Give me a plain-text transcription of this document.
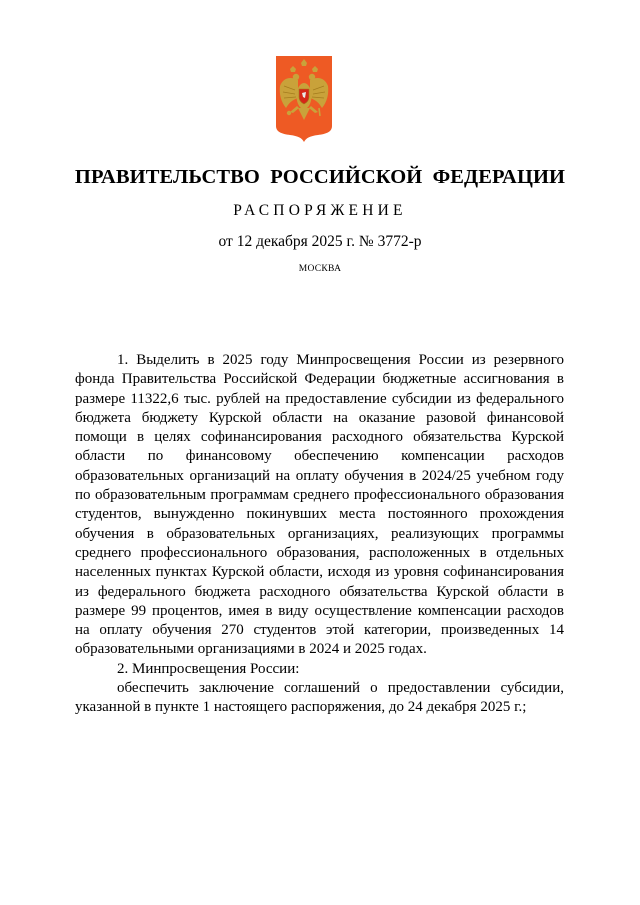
ПРАВИТЕЛЬСТВО РОССИЙСКОЙ ФЕДЕРАЦИИ
РАСПОРЯЖЕНИЕ
от 12 декабря 2025 г. № 3772-р
МОСКВА

1. Выделить в 2025 году Минпросвещения России из резервного фонда Правительства Российской Федерации бюджетные ассигнования в размере 11322,6 тыс. рублей на предоставление субсидии из федерального бюджета бюджету Курской области на оказание разовой финансовой помощи в целях софинансирования расходного обязательства Курской области по финансовому обеспечению компенсации расходов образовательных организаций на оплату обучения в 2024/25 учебном году по образовательным программам среднего профессионального образования студентов, вынужденно покинувших места постоянного прохождения обучения в образовательных организациях, реализующих программы среднего профессионального образования, расположенных в отдельных населенных пунктах Курской области, исходя из уровня софинансирования из федерального бюджета расходного обязательства Курской области в размере 99 процентов, имея в виду осуществление компенсации расходов на оплату обучения 270 студентов этой категории, произведенных 14 образовательными организациями в 2024 и 2025 годах.

2. Минпросвещения России:

обеспечить заключение соглашений о предоставлении субсидии, указанной в пункте 1 настоящего распоряжения, до 24 декабря 2025 г.;
